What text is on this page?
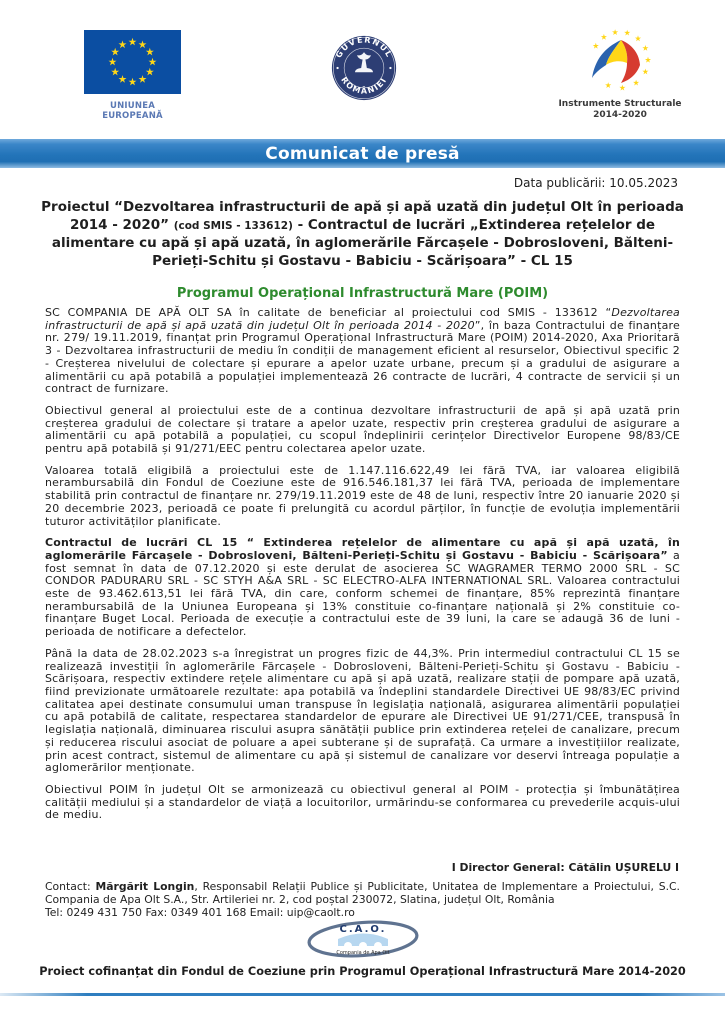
UNIUNEA EUROPEANĂ
GUVERNUL
ROMÂNIEI
Instrumente Structurale
2014-2020
Comunicat de presă
Data publicării: 10.05.2023
Proiectul “Dezvoltarea infrastructurii de apă și apă uzată din județul Olt în perioada 2014 - 2020” (cod SMIS - 133612) - Contractul de lucrări „Extinderea rețelelor de alimentare cu apă și apă uzată, în aglomerările Fărcașele - Dobrosloveni, Bălteni-Perieți-Schitu și Gostavu - Babiciu - Scărișoara” - CL 15
Programul Operațional Infrastructură Mare (POIM)

SC COMPANIA DE APĂ OLT SA în calitate de beneficiar al proiectului cod SMIS - 133612 “Dezvoltarea infrastructurii de apă și apă uzată din județul Olt în perioada 2014 - 2020”, în baza Contractului de finanțare nr. 279/ 19.11.2019, finanțat prin Programul Operațional Infrastructură Mare (POIM) 2014-2020, Axa Prioritară 3 - Dezvoltarea infrastructurii de mediu în condiții de management eficient al resurselor, Obiectivul specific 2 - Creșterea nivelului de colectare și epurare a apelor uzate urbane, precum și a gradului de asigurare a alimentării cu apă potabilă a populației implementează 26 contracte de lucrări, 4 contracte de servicii și un contract de furnizare.

Obiectivul general al proiectului este de a continua dezvoltare infrastructurii de apă și apă uzată prin creșterea gradului de colectare și tratare a apelor uzate, respectiv prin creșterea gradului de asigurare a alimentării cu apă potabilă a populației, cu scopul îndeplinirii cerințelor Directivelor Europene 98/83/CE pentru apă potabilă și 91/271/EEC pentru colectarea apelor uzate.

Valoarea totală eligibilă a proiectului este de 1.147.116.622,49 lei fără TVA, iar valoarea eligibilă nerambursabilă din Fondul de Coeziune este de 916.546.181,37 lei fără TVA, perioada de implementare stabilită prin contractul de finanțare nr. 279/19.11.2019 este de 48 de luni, respectiv între 20 ianuarie 2020 și 20 decembrie 2023, perioadă ce poate fi prelungită cu acordul părților, în funcție de evoluția implementării tuturor activităților planificate.

Contractul de lucrări CL 15 “ Extinderea rețelelor de alimentare cu apă și apă uzată, în aglomerările Fărcașele - Dobrosloveni, Bălteni-Perieți-Schitu și Gostavu - Babiciu - Scărișoara” a fost semnat în data de 07.12.2020 și este derulat de asocierea SC WAGRAMER TERMO 2000 SRL - SC CONDOR PADURARU SRL - SC STYH A&A SRL - SC ELECTRO-ALFA INTERNATIONAL SRL. Valoarea contractului este de 93.462.613,51 lei fără TVA, din care, conform schemei de finanțare, 85% reprezintă finanțare nerambursabilă de la Uniunea Europeana și 13% constituie co-finanțare națională și 2% constituie co-finanțare Buget Local. Perioada de execuție a contractului este de 39 luni, la care se adaugă 36 de luni - perioada de notificare a defectelor.

Până la data de 28.02.2023 s-a înregistrat un progres fizic de 44,3%. Prin intermediul contractului CL 15 se realizează investiții în aglomerările Fărcașele - Dobrosloveni, Bălteni-Perieți-Schitu și Gostavu - Babiciu - Scărișoara, respectiv extindere rețele alimentare cu apă și apă uzată, realizare stații de pompare apă uzată, fiind previzionate următoarele rezultate: apa potabilă va îndeplini standardele Directivei UE 98/83/EC privind calitatea apei destinate consumului uman transpuse în legislația națională, asigurarea alimentării populației cu apă potabilă de calitate, respectarea standardelor de epurare ale Directivei UE 91/271/CEE, transpusă în legislația națională, diminuarea riscului asupra sănătății publice prin extinderea rețelei de canalizare, precum și reducerea riscului asociat de poluare a apei subterane și de suprafață. Ca urmare a investițiilor realizate, prin acest contract, sistemul de alimentare cu apă și sistemul de canalizare vor deservi întreaga populație a aglomerărilor menționate.

Obiectivul POIM în județul Olt se armonizează cu obiectivul general al POIM - protecția și îmbunătățirea calității mediului și a standardelor de viață a locuitorilor, urmărindu-se conformarea cu prevederile acquis-ului de mediu.

I Director General: Cătălin UȘURELU I

Contact: Mărgărit Longin, Responsabil Relații Publice și Publicitate, Unitatea de Implementare a Proiectului, S.C. Compania de Apa Olt S.A., Str. Artileriei nr. 2, cod poștal 230072, Slatina, județul Olt, România

Tel: 0249 431 750 Fax: 0349 401 168 Email: uip@caolt.ro

C.A.O.
Compania de Apa Olt
Proiect cofinanțat din Fondul de Coeziune prin Programul Operațional Infrastructură Mare 2014-2020
